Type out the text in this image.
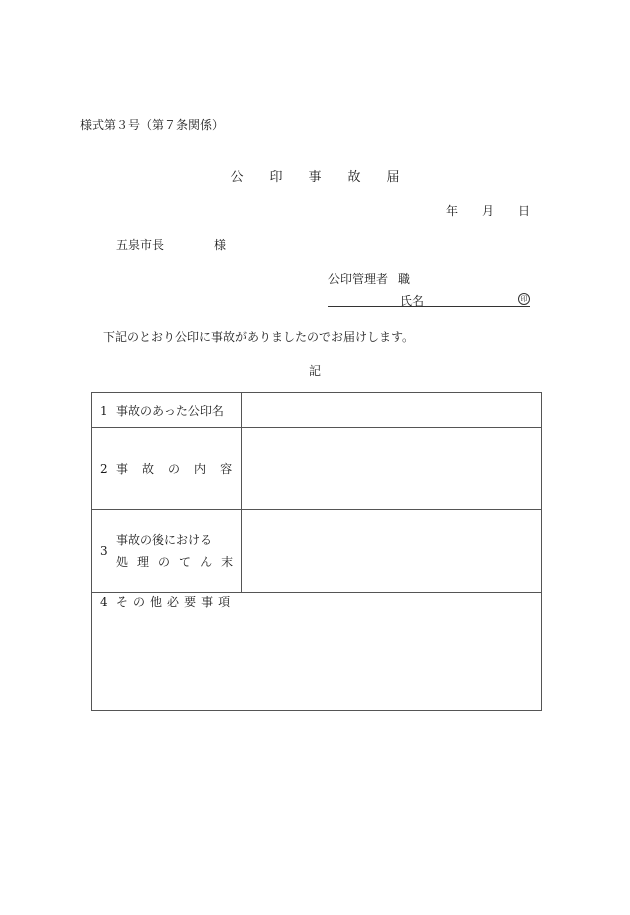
様式第３号（第７条関係）
公 印 事 故 届
年 月 日
五泉市長	様
公印管理者 職
氏名	印
下記のとおり公印に事故がありましたのでお届けします。
記
1 事故のあった公印名	
2 事 故 の 内 容	

3
事故の後における
処 理 の て ん 末	

4 そ の 他 必 要 事 項	
